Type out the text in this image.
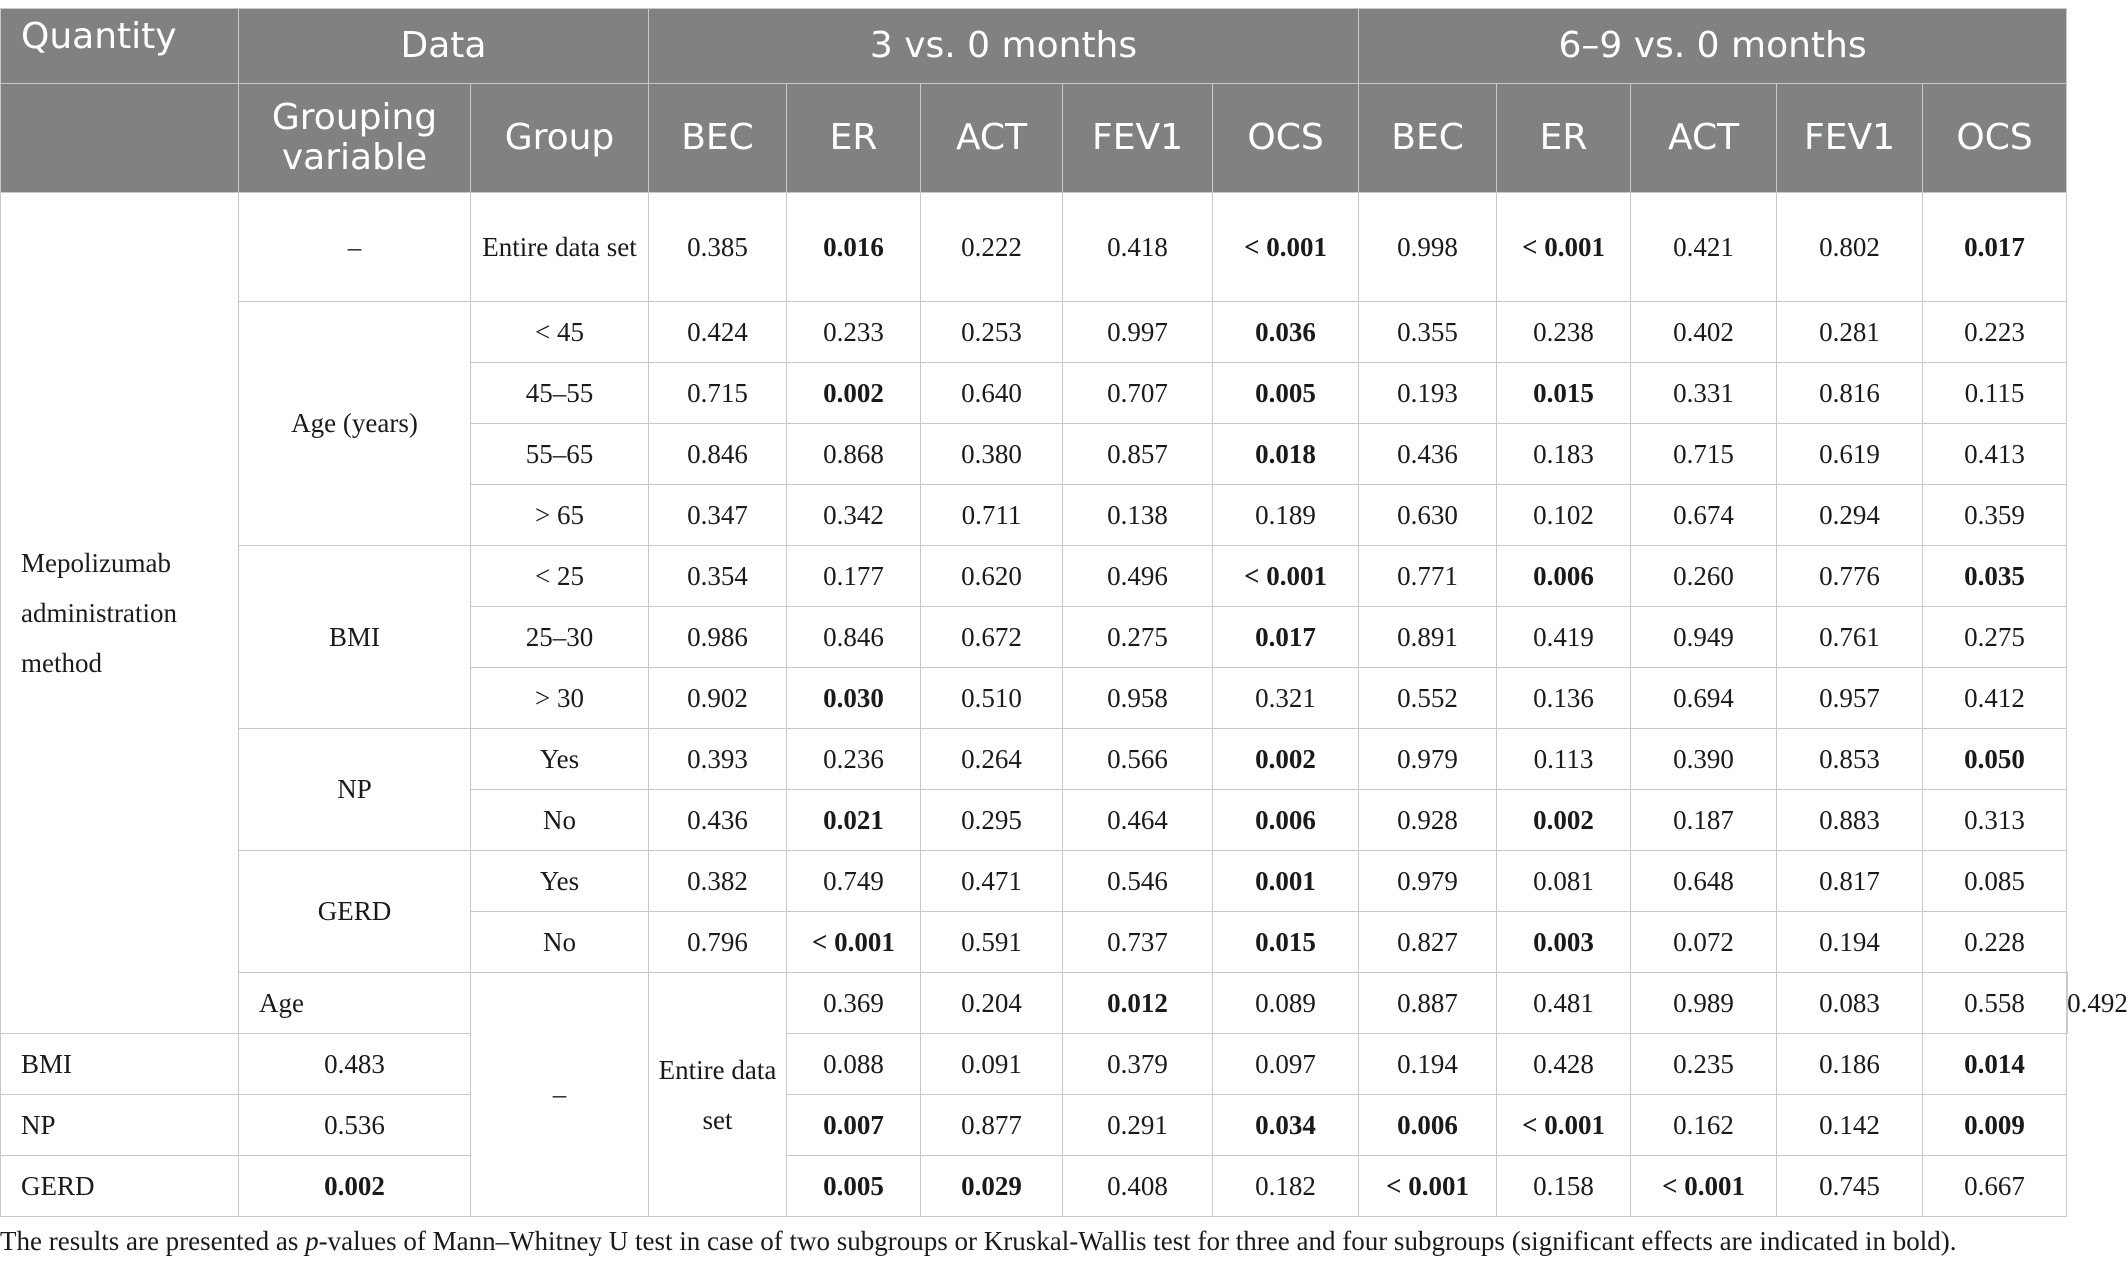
Quantity	Data		3 vs. 0 months					6–9 vs. 0 months					
	Grouping variable	Group	BEC	ER	ACT	FEV1	OCS	BEC	ER	ACT	FEV1	OCS	
Mepolizumab administration method	–	Entire data set	0.385	0.016	0.222	0.418	< 0.001	0.998	< 0.001	0.421	0.802	0.017	
	Age (years)	< 45	0.424	0.233	0.253	0.997	0.036	0.355	0.238	0.402	0.281	0.223	
		45–55	0.715	0.002	0.640	0.707	0.005	0.193	0.015	0.331	0.816	0.115	
		55–65	0.846	0.868	0.380	0.857	0.018	0.436	0.183	0.715	0.619	0.413	
		> 65	0.347	0.342	0.711	0.138	0.189	0.630	0.102	0.674	0.294	0.359	
	BMI	< 25	0.354	0.177	0.620	0.496	< 0.001	0.771	0.006	0.260	0.776	0.035	
		25–30	0.986	0.846	0.672	0.275	0.017	0.891	0.419	0.949	0.761	0.275	
		> 30	0.902	0.030	0.510	0.958	0.321	0.552	0.136	0.694	0.957	0.412	
	NP	Yes	0.393	0.236	0.264	0.566	0.002	0.979	0.113	0.390	0.853	0.050	
		No	0.436	0.021	0.295	0.464	0.006	0.928	0.002	0.187	0.883	0.313	
	GERD	Yes	0.382	0.749	0.471	0.546	0.001	0.979	0.081	0.648	0.817	0.085	
		No	0.796	< 0.001	0.591	0.737	0.015	0.827	0.003	0.072	0.194	0.228	
	Age	–	Entire data set	0.369	0.204	0.012	0.089	0.887	0.481	0.989	0.083	0.558	0.492
BMI	0.483			0.088	0.091	0.379	0.097	0.194	0.428	0.235	0.186	0.014	
NP	0.536			0.007	0.877	0.291	0.034	0.006	< 0.001	0.162	0.142	0.009	
GERD	0.002			0.005	0.029	0.408	0.182	< 0.001	0.158	< 0.001	0.745	0.667	
The results are presented as p-values of Mann–Whitney U test in case of two subgroups or Kruskal-Wallis test for three and four subgroups (significant effects are indicated in bold).
